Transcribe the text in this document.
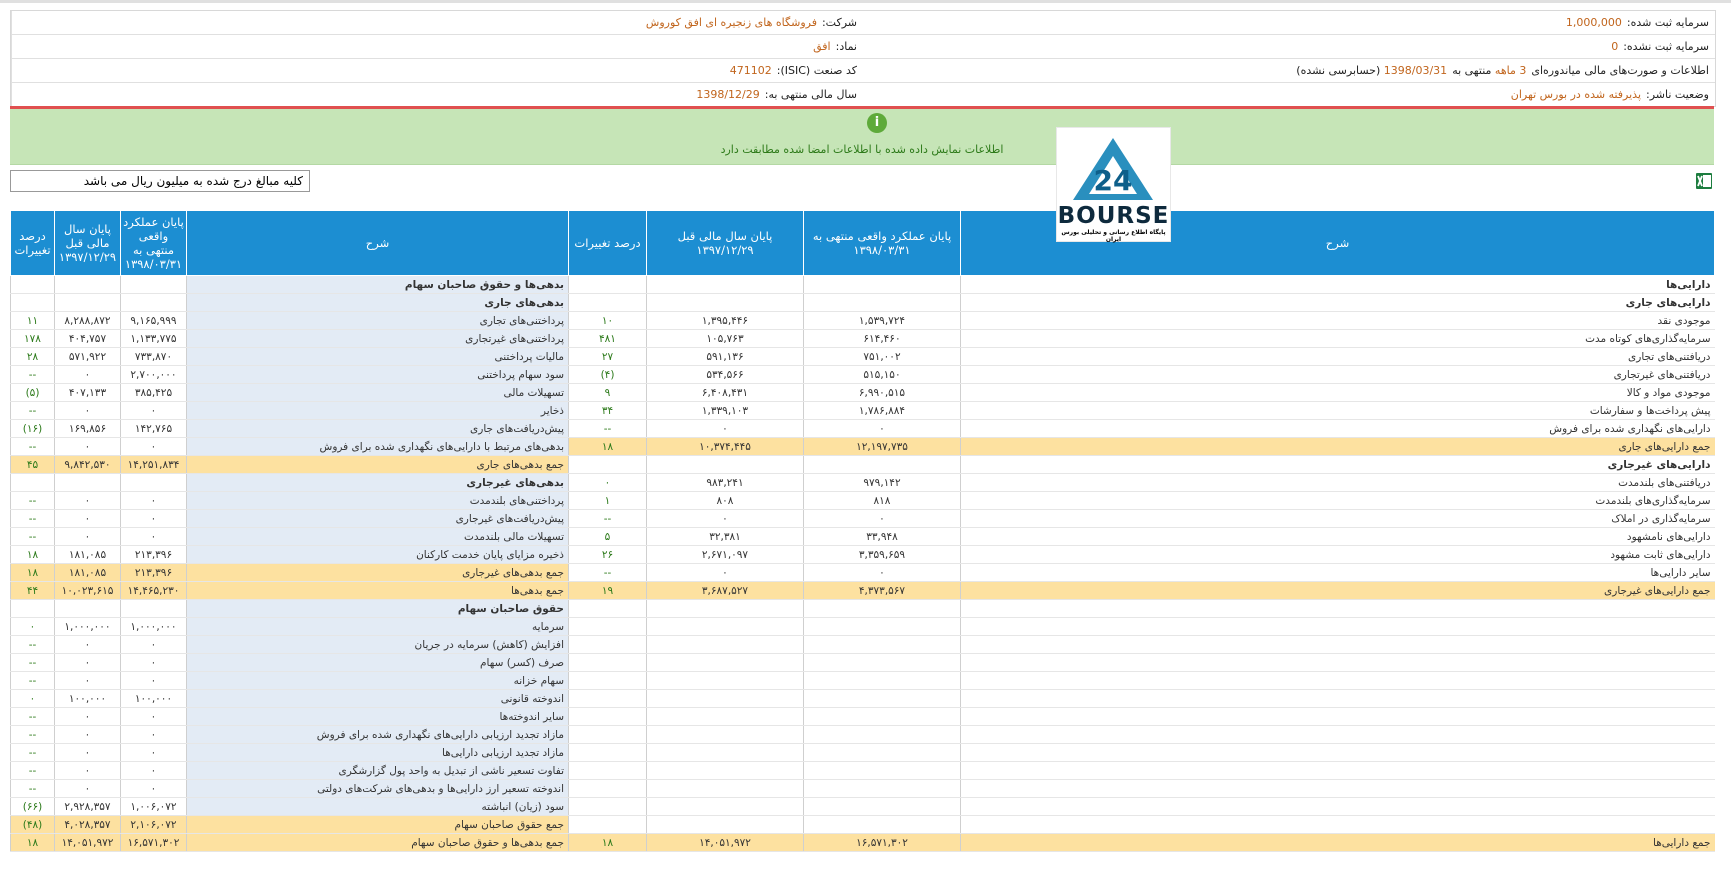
شرکت:
فروشگاه های زنجیره ای افق کوروش	سرمایه ثبت شده:
1,000,000
نماد:
افق	سرمایه ثبت نشده:
0
کد صنعت (ISIC):
471102	اطلاعات و صورت‌های مالی میاندوره‌ای
3 ماهه

منتهی به
1398/03/31

(حسابرسی نشده)
سال مالی منتهی به:
1398/12/29	وضعیت ناشر:
پذیرفته شده در بورس تهران
i
اطلاعات نمایش داده شده با اطلاعات امضا شده مطابقت دارد
24
BOURSE
پایگاه اطلاع رسانی و تحلیلی بورس ایران
کلیه مبالغ درج شده به میلیون ریال می باشد
شرح	پایان عملکرد واقعی منتهی به ۱۳۹۸/۰۳/۳۱	پایان سال مالی قبل ۱۳۹۷/۱۲/۲۹	درصد تغییرات	شرح	پایان عملکرد واقعی منتهی به ۱۳۹۸/۰۳/۳۱	پایان سال مالی قبل ۱۳۹۷/۱۲/۲۹	درصد تغییرات
دارایی‌ها				بدهی‌ها و حقوق صاحبان سهام			
دارایی‌های جاری				بدهی‌های جاری			
موجودی نقد	۱,۵۳۹,۷۲۴	۱,۳۹۵,۴۴۶	۱۰	پرداختنی‌های تجاری	۹,۱۶۵,۹۹۹	۸,۲۸۸,۸۷۲	۱۱
سرمایه‌گذاری‌های کوتاه مدت	۶۱۴,۴۶۰	۱۰۵,۷۶۳	۴۸۱	پرداختنی‌های غیرتجاری	۱,۱۳۳,۷۷۵	۴۰۴,۷۵۷	۱۷۸
دریافتنی‌های تجاری	۷۵۱,۰۰۲	۵۹۱,۱۳۶	۲۷	مالیات پرداختنی	۷۳۳,۸۷۰	۵۷۱,۹۲۲	۲۸
دریافتنی‌های غیرتجاری	۵۱۵,۱۵۰	۵۳۴,۵۶۶	(۴)	سود سهام پرداختنی	۲,۷۰۰,۰۰۰	۰	--
موجودی مواد و کالا	۶,۹۹۰,۵۱۵	۶,۴۰۸,۴۳۱	۹	تسهیلات مالی	۳۸۵,۴۲۵	۴۰۷,۱۳۳	(۵)
پیش پرداخت‌ها و سفارشات	۱,۷۸۶,۸۸۴	۱,۳۳۹,۱۰۳	۳۴	ذخایر	۰	۰	--
دارایی‌های نگهداری شده برای فروش	۰	۰	--	پیش‌دریافت‌های جاری	۱۴۲,۷۶۵	۱۶۹,۸۵۶	(۱۶)
جمع دارایی‌های جاری	۱۲,۱۹۷,۷۳۵	۱۰,۳۷۴,۴۴۵	۱۸	بدهی‌های مرتبط با دارایی‌های نگهداری شده برای فروش	۰	۰	--
دارایی‌های غیرجاری				جمع بدهی‌های جاری	۱۴,۲۵۱,۸۳۴	۹,۸۴۲,۵۳۰	۴۵
دریافتنی‌های بلندمدت	۹۷۹,۱۴۲	۹۸۳,۲۴۱	۰	بدهی‌های غیرجاری			
سرمایه‌گذاری‌های بلندمدت	۸۱۸	۸۰۸	۱	پرداختنی‌های بلندمدت	۰	۰	--
سرمایه‌گذاری در املاک	۰	۰	--	پیش‌دریافت‌های غیرجاری	۰	۰	--
دارایی‌های نامشهود	۳۳,۹۴۸	۳۲,۳۸۱	۵	تسهیلات مالی بلندمدت	۰	۰	--
دارایی‌های ثابت مشهود	۳,۳۵۹,۶۵۹	۲,۶۷۱,۰۹۷	۲۶	ذخیره مزایای پایان خدمت کارکنان	۲۱۳,۳۹۶	۱۸۱,۰۸۵	۱۸
سایر دارایی‌ها	۰	۰	--	جمع بدهی‌های غیرجاری	۲۱۳,۳۹۶	۱۸۱,۰۸۵	۱۸
جمع دارایی‌های غیرجاری	۴,۳۷۳,۵۶۷	۳,۶۸۷,۵۲۷	۱۹	جمع بدهی‌ها	۱۴,۴۶۵,۲۳۰	۱۰,۰۲۳,۶۱۵	۴۴
				حقوق صاحبان سهام			
				سرمایه	۱,۰۰۰,۰۰۰	۱,۰۰۰,۰۰۰	۰
				افزایش (کاهش) سرمایه در جریان	۰	۰	--
				صرف (کسر) سهام	۰	۰	--
				سهام خزانه	۰	۰	--
				اندوخته قانونی	۱۰۰,۰۰۰	۱۰۰,۰۰۰	۰
				سایر اندوخته‌ها	۰	۰	--
				مازاد تجدید ارزیابی دارایی‌های نگهداری شده برای فروش	۰	۰	--
				مازاد تجدید ارزیابی دارایی‌ها	۰	۰	--
				تفاوت تسعیر ناشی از تبدیل به واحد پول گزارشگری	۰	۰	--
				اندوخته تسعیر ارز دارایی‌ها و بدهی‌های شرکت‌های دولتی	۰	۰	--
				سود (زیان) انباشته	۱,۰۰۶,۰۷۲	۲,۹۲۸,۳۵۷	(۶۶)
				جمع حقوق صاحبان سهام	۲,۱۰۶,۰۷۲	۴,۰۲۸,۳۵۷	(۴۸)
جمع دارایی‌ها	۱۶,۵۷۱,۳۰۲	۱۴,۰۵۱,۹۷۲	۱۸	جمع بدهی‌ها و حقوق صاحبان سهام	۱۶,۵۷۱,۳۰۲	۱۴,۰۵۱,۹۷۲	۱۸
